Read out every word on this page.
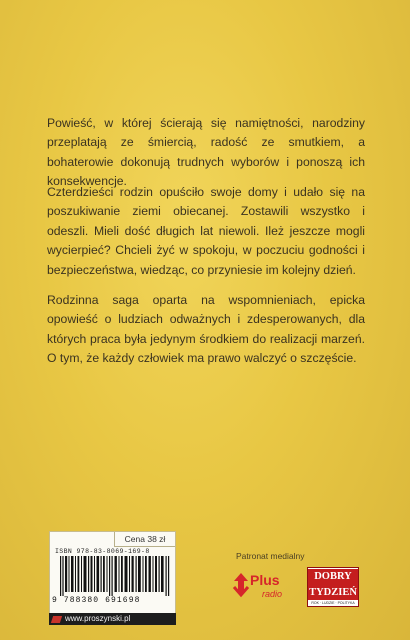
Powieść, w której ścierają się namiętności, narodziny przeplatają ze śmiercią, radość ze smutkiem, a bohaterowie dokonują trudnych wyborów i ponoszą ich konsekwencje.

Czterdzieści rodzin opuściło swoje domy i udało się na poszukiwanie ziemi obiecanej. Zostawili wszystko i odeszli. Mieli dość długich lat niewoli. Ileż jeszcze mogli wycierpieć? Chcieli żyć w spokoju, w poczuciu godności i bezpieczeństwa, wiedząc, co przyniesie im kolejny dzień.

Rodzinna saga oparta na wspomnieniach, epicka opowieść o ludziach odważnych i zdesperowanych, dla których praca była jedynym środkiem do realizacji marzeń. O tym, że każdy człowiek ma prawo walczyć o szczęście.

Cena 38 zł
ISBN 978-83-8069-169-8
9 788380 691698
www.proszynski.pl
Patronat medialny
Plus
radio
DOBRY
TYDZIEŃ
ROK · LUDZIE · POLITYKA
